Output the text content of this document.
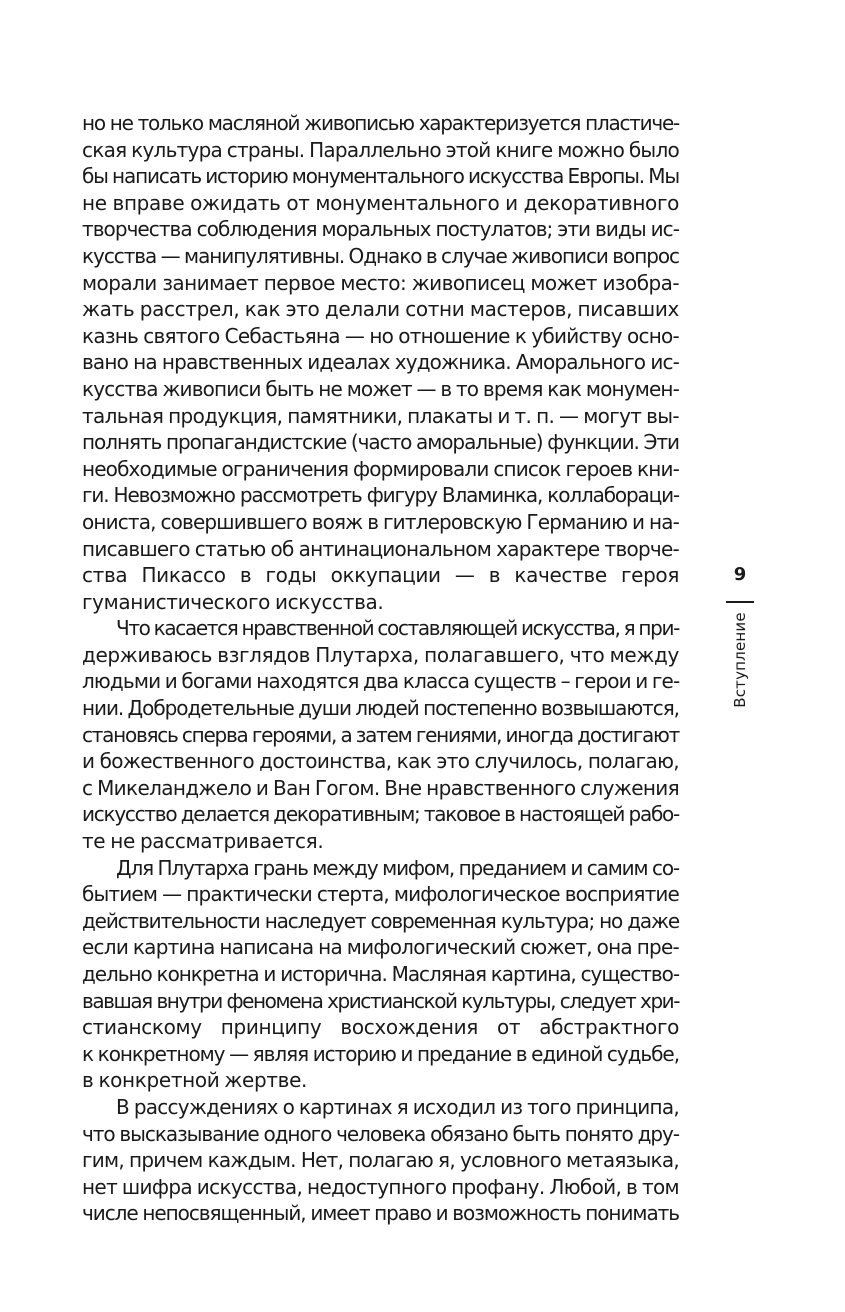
но не только масляной живописью характеризуется пластиче-
ская культура страны. Параллельно этой книге можно было
бы написать историю монументального искусства Европы. Мы
не вправе ожидать от монументального и декоративного
творчества соблюдения моральных постулатов; эти виды ис-
кусства — манипулятивны. Однако в случае живописи вопрос
морали занимает первое место: живописец может изобра-
жать расстрел, как это делали сотни мастеров, писавших
казнь святого Себастьяна — но отношение к убийству осно-
вано на нравственных идеалах художника. Аморального ис-
кусства живописи быть не может — в то время как монумен-
тальная продукция, памятники, плакаты и т. п. — могут вы-
полнять пропагандистские (часто аморальные) функции. Эти
необходимые ограничения формировали список героев кни-
ги. Невозможно рассмотреть фигуру Вламинка, коллабораци-
ониста, совершившего вояж в гитлеровскую Германию и на-
писавшего статью об антинациональном характере творче-
ства Пикассо в годы оккупации — в качестве героя
гуманистического искусства.
Что касается нравственной составляющей искусства, я при-
держиваюсь взглядов Плутарха, полагавшего, что между
людьми и богами находятся два класса существ – герои и ге-
нии. Добродетельные души людей постепенно возвышаются,
становясь сперва героями, а затем гениями, иногда достигают
и божественного достоинства, как это случилось, полагаю,
с Микеланджело и Ван Гогом. Вне нравственного служения
искусство делается декоративным; таковое в настоящей рабо-
те не рассматривается.
Для Плутарха грань между мифом, преданием и самим со-
бытием — практически стерта, мифологическое восприятие
действительности наследует современная культура; но даже
если картина написана на мифологический сюжет, она пре-
дельно конкретна и исторична. Масляная картина, существо-
вавшая внутри феномена христианской культуры, следует хри-
стианскому принципу восхождения от абстрактного
к конкретному — являя историю и предание в единой судьбе,
в конкретной жертве.
В рассуждениях о картинах я исходил из того принципа,
что высказывание одного человека обязано быть понято дру-
гим, причем каждым. Нет, полагаю я, условного метаязыка,
нет шифра искусства, недоступного профану. Любой, в том
числе непосвященный, имеет право и возможность понимать
9
Вступление
